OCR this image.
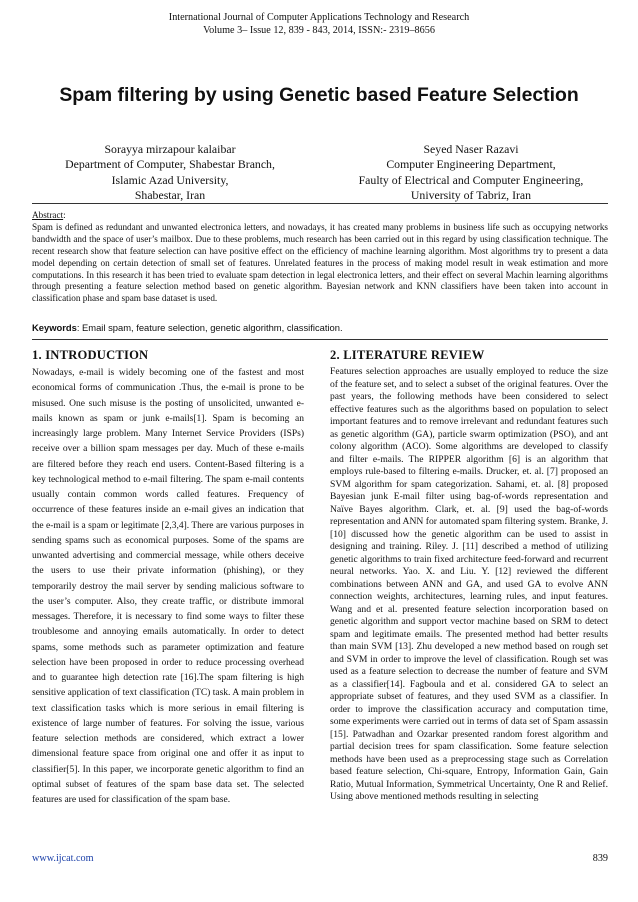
International Journal of Computer Applications Technology and Research
Volume 3– Issue 12, 839 - 843, 2014, ISSN:- 2319–8656
Spam filtering by using Genetic based Feature Selection
Sorayya mirzapour kalaibar
Department of Computer, Shabestar Branch,
Islamic Azad University,
Shabestar, Iran
Seyed Naser Razavi
Computer Engineering Department,
Faulty of Electrical and Computer Engineering,
University of Tabriz, Iran
Abstract:
Spam is defined as redundant and unwanted electronica letters, and nowadays, it has created many problems in business life such as occupying networks bandwidth and the space of user’s mailbox. Due to these problems, much research has been carried out in this regard by using classification technique. The recent research show that feature selection can have positive effect on the efficiency of machine learning algorithm. Most algorithms try to present a data model depending on certain detection of small set of features. Unrelated features in the process of making model result in weak estimation and more computations. In this research it has been tried to evaluate spam detection in legal electronica letters, and their effect on several Machin learning algorithms through presenting a feature selection method based on genetic algorithm. Bayesian network and KNN classifiers have been taken into account in classification phase and spam base dataset is used.
Keywords: Email spam, feature selection, genetic algorithm, classification.
1. INTRODUCTION

Nowadays, e-mail is widely becoming one of the fastest and most economical forms of communication .Thus, the e-mail is prone to be misused. One such misuse is the posting of unsolicited, unwanted e-mails known as spam or junk e-mails[1]. Spam is becoming an increasingly large problem. Many Internet Service Providers (ISPs) receive over a billion spam messages per day. Much of these e-mails are filtered before they reach end users. Content-Based filtering is a key technological method to e-mail filtering. The spam e-mail contents usually contain common words called features. Frequency of occurrence of these features inside an e-mail gives an indication that the e-mail is a spam or legitimate [2,3,4]. There are various purposes in sending spams such as economical purposes. Some of the spams are unwanted advertising and commercial message, while others deceive the users to use their private information (phishing), or they temporarily destroy the mail server by sending malicious software to the user’s computer. Also, they create traffic, or distribute immoral messages. Therefore, it is necessary to find some ways to filter these troublesome and annoying emails automatically. In order to detect spams, some methods such as parameter optimization and feature selection have been proposed in order to reduce processing overhead and to guarantee high detection rate [16].The spam filtering is high sensitive application of text classification (TC) task. A main problem in text classification tasks which is more serious in email filtering is existence of large number of features. For solving the issue, various feature selection methods are considered, which extract a lower dimensional feature space from original one and offer it as input to classifier[5]. In this paper, we incorporate genetic algorithm to find an optimal subset of features of the spam base data set. The selected features are used for classification of the spam base.

2. LITERATURE REVIEW

Features selection approaches are usually employed to reduce the size of the feature set, and to select a subset of the original features. Over the past years, the following methods have been considered to select effective features such as the algorithms based on population to select important features and to remove irrelevant and redundant features such as genetic algorithm (GA), particle swarm optimization (PSO), and ant colony algorithm (ACO). Some algorithms are developed to classify and filter e-mails. The RIPPER algorithm [6] is an algorithm that employs rule-based to filtering e-mails. Drucker, et. al. [7] proposed an SVM algorithm for spam categorization. Sahami, et. al. [8] proposed Bayesian junk E-mail filter using bag-of-words representation and Naïve Bayes algorithm. Clark, et. al. [9] used the bag-of-words representation and ANN for automated spam filtering system. Branke, J. [10] discussed how the genetic algorithm can be used to assist in designing and training. Riley. J. [11] described a method of utilizing genetic algorithms to train fixed architecture feed-forward and recurrent neural networks. Yao. X. and Liu. Y. [12] reviewed the different combinations between ANN and GA, and used GA to evolve ANN connection weights, architectures, learning rules, and input features. Wang and et al. presented feature selection incorporation based on genetic algorithm and support vector machine based on SRM to detect spam and legitimate emails. The presented method had better results than main SVM [13]. Zhu developed a new method based on rough set and SVM in order to improve the level of classification. Rough set was used as a feature selection to decrease the number of feature and SVM as a classifier[14]. Fagboula and et al. considered GA to select an appropriate subset of features, and they used SVM as a classifier. In order to improve the classification accuracy and computation time, some experiments were carried out in terms of data set of Spam assassin [15]. Patwadhan and Ozarkar presented random forest algorithm and partial decision trees for spam classification. Some feature selection methods have been used as a preprocessing stage such as Correlation based feature selection, Chi-square, Entropy, Information Gain, Gain Ratio, Mutual Information, Symmetrical Uncertainty, One R and Relief. Using above mentioned methods resulting in selecting

www.ijcat.com	839
